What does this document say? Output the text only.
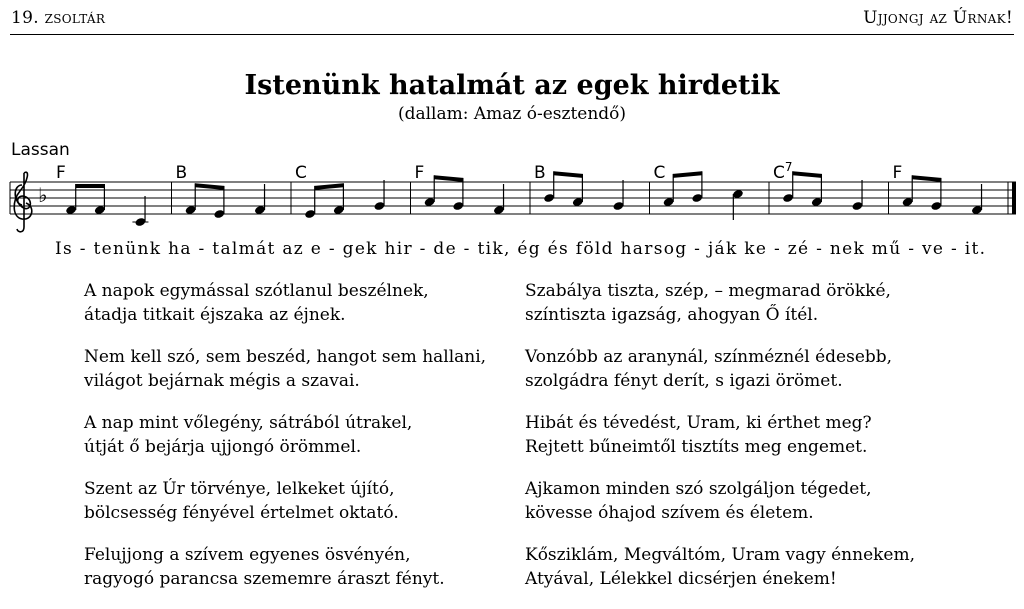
19. zsoltár	Ujjongj az Úrnak!
Istenünk hatalmát az egek hirdetik
(dallam: Amaz ó-esztendő)
Lassan
♭
F	B	C	F	B	C	$C^7$	F
Is - tenünk ha - talmát az e - gek hir - de - tik, ég és föld harsog - ják ke - zé - nek mű - ve - it.
A napok egymással szótlanul beszélnek,
átadja titkait éjszaka az éjnek.
Nem kell szó, sem beszéd, hangot sem hallani,
világot bejárnak mégis a szavai.
A nap mint vőlegény, sátrából útrakel,
útját ő bejárja ujjongó örömmel.
Szent az Úr törvénye, lelkeket újító,
bölcsesség fényével értelmet oktató.
Felujjong a szívem egyenes ösvényén,
ragyogó parancsa szememre áraszt fényt.
Szabálya tiszta, szép, – megmarad örökké,
színtiszta igazság, ahogyan Ő ítél.
Vonzóbb az aranynál, színméznél édesebb,
szolgádra fényt derít, s igazi örömet.
Hibát és tévedést, Uram, ki érthet meg?
Rejtett bűneimtől tisztíts meg engemet.
Ajkamon minden szó szolgáljon tégedet,
kövesse óhajod szívem és életem.
Kősziklám, Megváltóm, Uram vagy énnekem,
Atyával, Lélekkel dicsérjen énekem!
